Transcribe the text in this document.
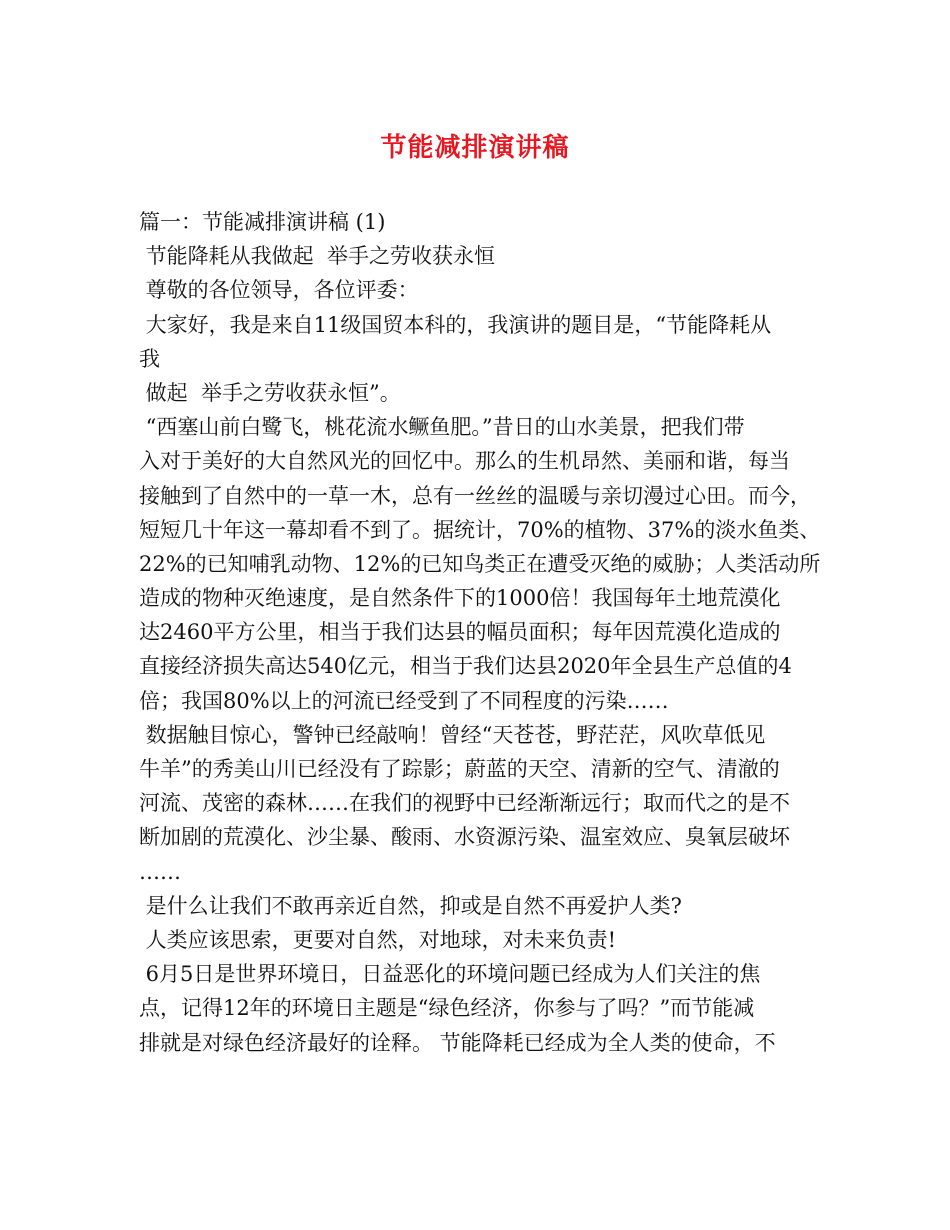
节能减排演讲稿
篇一：节能减排演讲稿 (1)
节能降耗从我做起  举手之劳收获永恒
尊敬的各位领导，各位评委：
大家好，我是来自11级国贸本科的，我演讲的题目是，“节能降耗从
我
做起  举手之劳收获永恒”。
“西塞山前白鹭飞，桃花流水鳜鱼肥。”昔日的山水美景，把我们带
入对于美好的大自然风光的回忆中。那么的生机昂然、美丽和谐，每当
接触到了自然中的一草一木，总有一丝丝的温暖与亲切漫过心田。而今，
短短几十年这一幕却看不到了。据统计，70%的植物、37%的淡水鱼类、
22%的已知哺乳动物、12%的已知鸟类正在遭受灭绝的威胁；人类活动所
造成的物种灭绝速度，是自然条件下的1000倍！我国每年土地荒漠化
达2460平方公里，相当于我们达县的幅员面积；每年因荒漠化造成的
直接经济损失高达540亿元，相当于我们达县2020年全县生产总值的4
倍；我国80%以上的河流已经受到了不同程度的污染……
数据触目惊心，警钟已经敲响！曾经“天苍苍，野茫茫，风吹草低见
牛羊”的秀美山川已经没有了踪影；蔚蓝的天空、清新的空气、清澈的
河流、茂密的森林……在我们的视野中已经渐渐远行；取而代之的是不
断加剧的荒漠化、沙尘暴、酸雨、水资源污染、温室效应、臭氧层破坏
……
是什么让我们不敢再亲近自然，抑或是自然不再爱护人类?
人类应该思索，更要对自然，对地球，对未来负责!
6月5日是世界环境日，日益恶化的环境问题已经成为人们关注的焦
点，记得12年的环境日主题是“绿色经济，你参与了吗？”而节能减
排就是对绿色经济最好的诠释。 节能降耗已经成为全人类的使命，不
